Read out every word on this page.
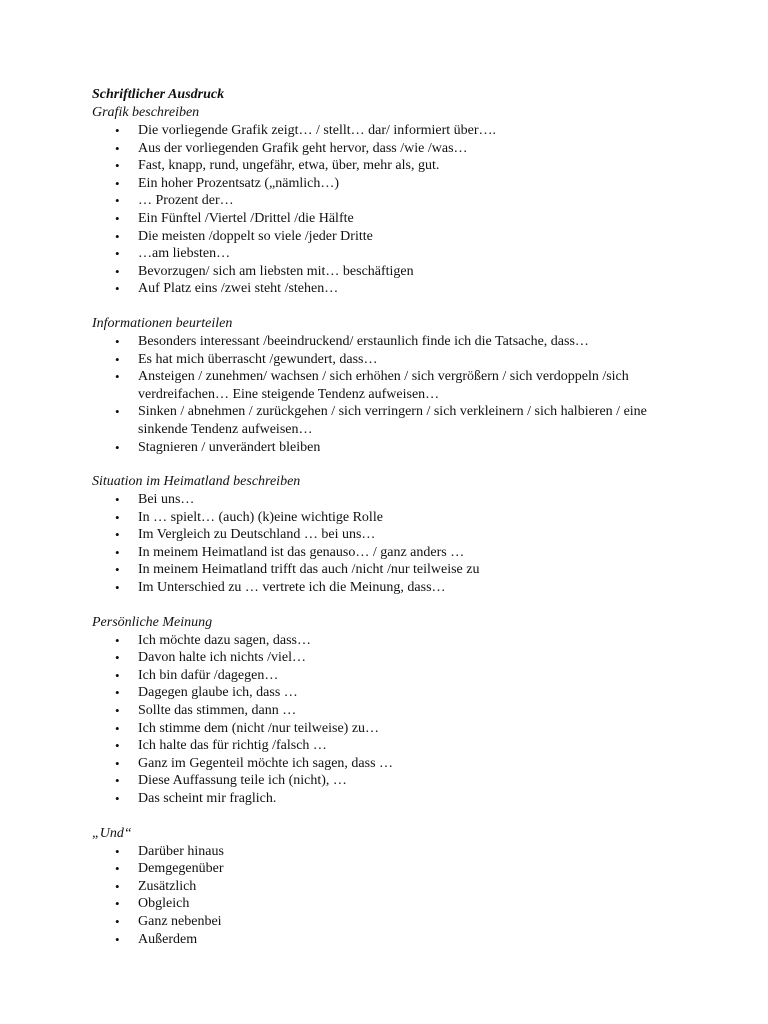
Schriftlicher Ausdruck

Grafik beschreiben

• Die vorliegende Grafik zeigt… / stellt… dar/ informiert über….
• Aus der vorliegenden Grafik geht hervor, dass /wie /was…
• Fast, knapp, rund, ungefähr, etwa, über, mehr als, gut.
• Ein hoher Prozentsatz („nämlich…)
• … Prozent der…
• Ein Fünftel /Viertel /Drittel /die Hälfte
• Die meisten /doppelt so viele /jeder Dritte
• …am liebsten…
• Bevorzugen/ sich am liebsten mit… beschäftigen
• Auf Platz eins /zwei steht /stehen…

Informationen beurteilen

• Besonders interessant /beeindruckend/ erstaunlich finde ich die Tatsache, dass…
• Es hat mich überrascht /gewundert, dass…
• Ansteigen / zunehmen/ wachsen / sich erhöhen / sich vergrößern / sich verdoppeln /sich verdreifachen… Eine steigende Tendenz aufweisen…
• Sinken / abnehmen / zurückgehen / sich verringern / sich verkleinern / sich halbieren / eine sinkende Tendenz aufweisen…
• Stagnieren / unverändert bleiben

Situation im Heimatland beschreiben

• Bei uns…
• In … spielt… (auch) (k)eine wichtige Rolle
• Im Vergleich zu Deutschland … bei uns…
• In meinem Heimatland ist das genauso… / ganz anders …
• In meinem Heimatland trifft das auch /nicht /nur teilweise zu
• Im Unterschied zu … vertrete ich die Meinung, dass…

Persönliche Meinung

• Ich möchte dazu sagen, dass…
• Davon halte ich nichts /viel…
• Ich bin dafür /dagegen…
• Dagegen glaube ich, dass …
• Sollte das stimmen, dann …
• Ich stimme dem (nicht /nur teilweise) zu…
• Ich halte das für richtig /falsch …
• Ganz im Gegenteil möchte ich sagen, dass …
• Diese Auffassung teile ich (nicht), …
• Das scheint mir fraglich.

„Und“

• Darüber hinaus
• Demgegenüber
• Zusätzlich
• Obgleich
• Ganz nebenbei
• Außerdem
